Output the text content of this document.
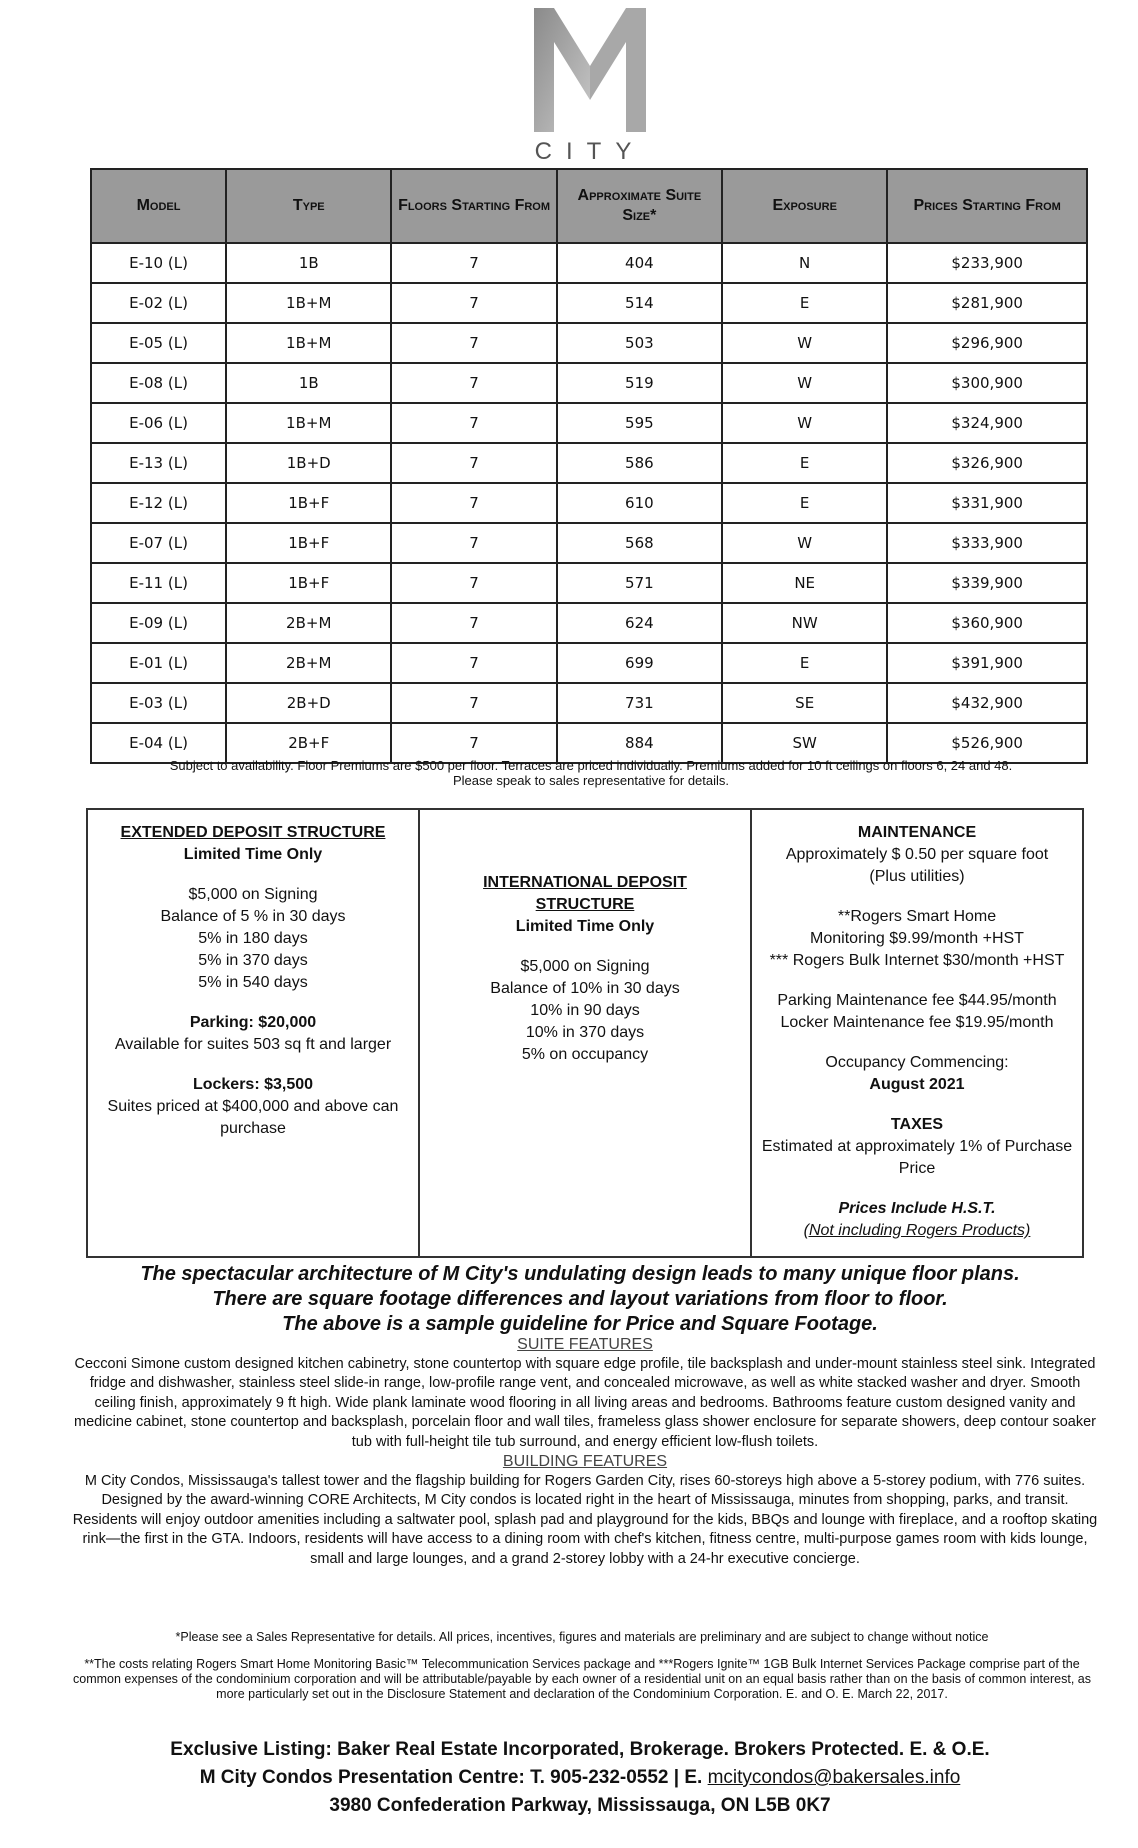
CITY
Model	Type	Floors Starting From	Approximate Suite Size*	Exposure	Prices Starting From
E-10 (L)	1B	7	404	N	$233,900
E-02 (L)	1B+M	7	514	E	$281,900
E-05 (L)	1B+M	7	503	W	$296,900
E-08 (L)	1B	7	519	W	$300,900
E-06 (L)	1B+M	7	595	W	$324,900
E-13 (L)	1B+D	7	586	E	$326,900
E-12 (L)	1B+F	7	610	E	$331,900
E-07 (L)	1B+F	7	568	W	$333,900
E-11 (L)	1B+F	7	571	NE	$339,900
E-09 (L)	2B+M	7	624	NW	$360,900
E-01 (L)	2B+M	7	699	E	$391,900
E-03 (L)	2B+D	7	731	SE	$432,900
E-04 (L)	2B+F	7	884	SW	$526,900
Subject to availability. Floor Premiums are $500 per floor. Terraces are priced individually. Premiums added for 10 ft ceilings on floors 6, 24 and 48.
Please speak to sales representative for details.
EXTENDED DEPOSIT STRUCTURE
Limited Time Only
$5,000 on Signing
Balance of 5 % in 30 days
5% in 180 days
5% in 370 days
5% in 540 days
Parking: $20,000
Available for suites 503 sq ft and larger
Lockers: $3,500
Suites priced at $400,000 and above can
purchase
INTERNATIONAL DEPOSIT
STRUCTURE
Limited Time Only
$5,000 on Signing
Balance of 10% in 30 days
10% in 90 days
10% in 370 days
5% on occupancy
MAINTENANCE
Approximately $ 0.50 per square foot
(Plus utilities)
**Rogers Smart Home
Monitoring $9.99/month +HST
*** Rogers Bulk Internet $30/month +HST
Parking Maintenance fee $44.95/month
Locker Maintenance fee $19.95/month
Occupancy Commencing:
August 2021
TAXES
Estimated at approximately 1% of Purchase
Price
Prices Include H.S.T.
(Not including Rogers Products)
The spectacular architecture of M City's undulating design leads to many unique floor plans.
There are square footage differences and layout variations from floor to floor.
The above is a sample guideline for Price and Square Footage.
SUITE FEATURES
Cecconi Simone custom designed kitchen cabinetry, stone countertop with square edge profile, tile backsplash and under-mount stainless steel sink. Integrated fridge and dishwasher, stainless steel slide-in range, low-profile range vent, and concealed microwave, as well as white stacked washer and dryer. Smooth ceiling finish, approximately 9 ft high. Wide plank laminate wood flooring in all living areas and bedrooms. Bathrooms feature custom designed vanity and medicine cabinet, stone countertop and backsplash, porcelain floor and wall tiles, frameless glass shower enclosure for separate showers, deep contour soaker tub with full-height tile tub surround, and energy efficient low-flush toilets.
BUILDING FEATURES
M City Condos, Mississauga's tallest tower and the flagship building for Rogers Garden City, rises 60-storeys high above a 5-storey podium, with 776 suites. Designed by the award-winning CORE Architects, M City condos is located right in the heart of Mississauga, minutes from shopping, parks, and transit. Residents will enjoy outdoor amenities including a saltwater pool, splash pad and playground for the kids, BBQs and lounge with fireplace, and a rooftop skating rink—the first in the GTA. Indoors, residents will have access to a dining room with chef's kitchen, fitness centre, multi-purpose games room with kids lounge, small and large lounges, and a grand 2-storey lobby with a 24-hr executive concierge.
*Please see a Sales Representative for details. All prices, incentives, figures and materials are preliminary and are subject to change without notice
**The costs relating Rogers Smart Home Monitoring Basic™ Telecommunication Services package and ***Rogers Ignite™ 1GB Bulk Internet Services Package comprise part of the common expenses of the condominium corporation and will be attributable/payable by each owner of a residential unit on an equal basis rather than on the basis of common interest, as more particularly set out in the Disclosure Statement and declaration of the Condominium Corporation. E. and O. E. March 22, 2017.
Exclusive Listing: Baker Real Estate Incorporated, Brokerage. Brokers Protected. E. & O.E.
M City Condos Presentation Centre: T. 905-232-0552 | E. mcitycondos@bakersales.info
3980 Confederation Parkway, Mississauga, ON L5B 0K7
